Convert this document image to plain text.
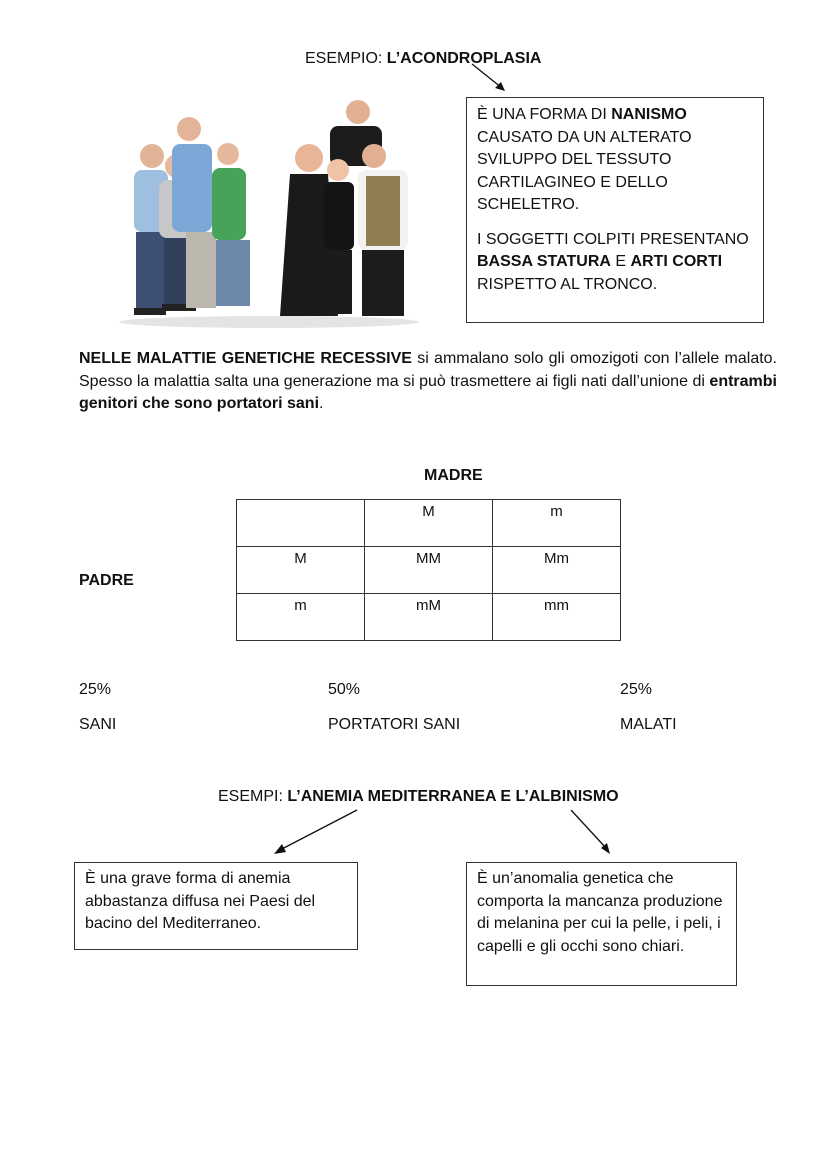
ESEMPIO: L’ACONDROPLASIA

È UNA FORMA DI NANISMO CAUSATO DA UN ALTERATO SVILUPPO DEL TESSUTO CARTILAGINEO E DELLO SCHELETRO.

I SOGGETTI COLPITI PRESENTANO BASSA STATURA E ARTI CORTI RISPETTO AL TRONCO.

NELLE MALATTIE GENETICHE RECESSIVE si ammalano solo gli omozigoti con l’allele malato. Spesso la malattia salta una generazione ma si può trasmettere ai figli nati dall’unione di entrambi genitori che sono portatori sani.
MADRE
PADRE

	M	m

M	MM	Mm

m	mM	mm
25%	50%	25%
SANI	PORTATORI SANI	MALATI
ESEMPI: L’ANEMIA MEDITERRANEA E L’ALBINISMO

È una grave forma di anemia abbastanza diffusa nei Paesi del bacino del Mediterraneo.

È un’anomalia genetica che comporta la mancanza produzione di melanina per cui la pelle, i peli, i capelli e gli occhi sono chiari.
